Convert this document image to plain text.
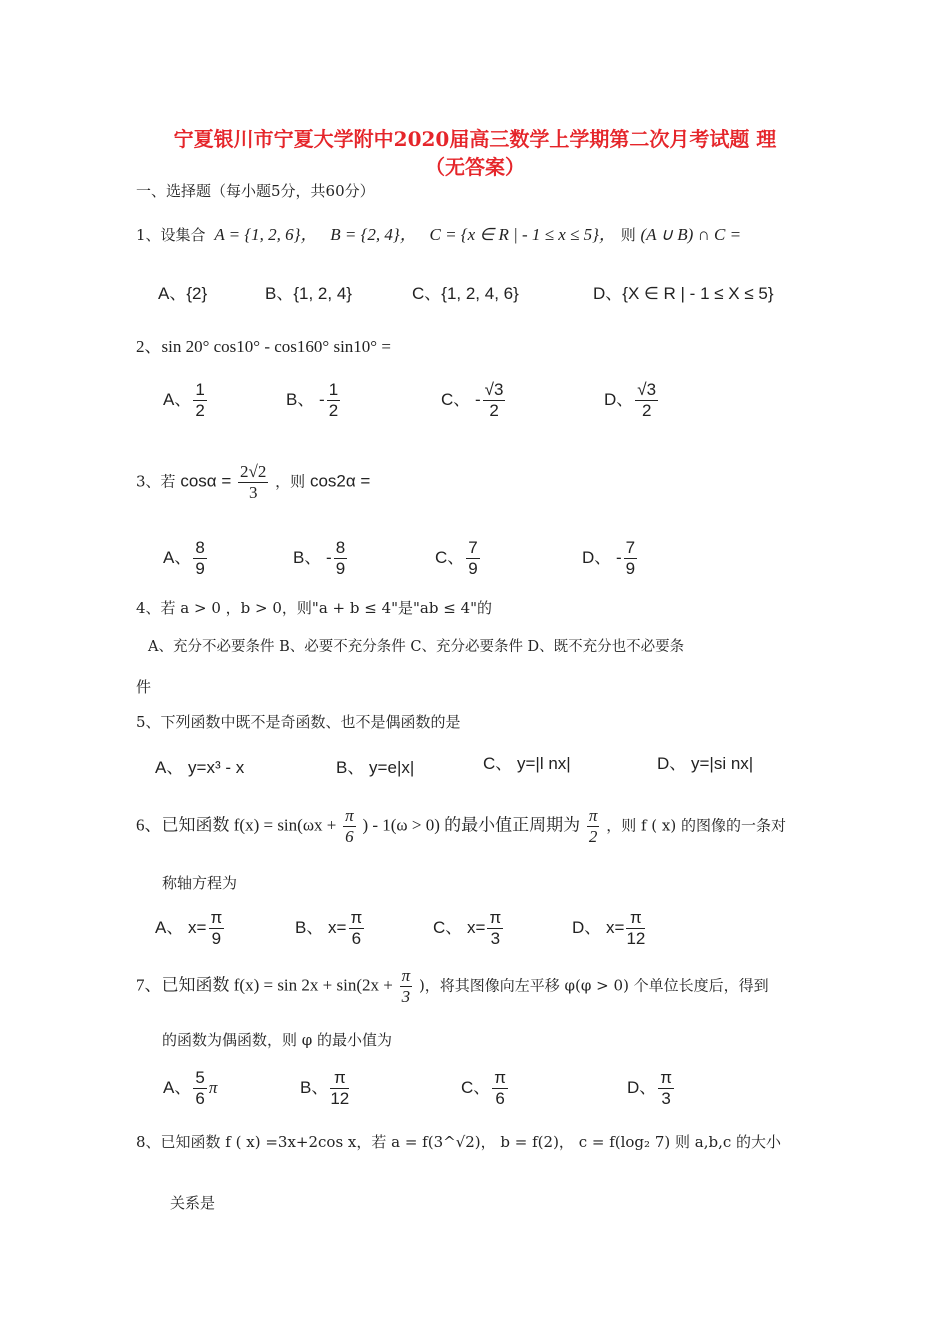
宁夏银川市宁夏大学附中2020届高三数学上学期第二次月考试题 理
（无答案）
一、选择题（每小题5分，共60分）
1、设集合 A = {1, 2, 6}， B = {2, 4}， C = {x ∈ R | - 1 ≤ x ≤ 5}， 则 (A ∪ B) ∩ C =
A、{2}	B、{1, 2, 4}	C、{1, 2, 4, 6}	D、{X ∈ R | - 1 ≤ X ≤ 5}
2、sin 20° cos10° - cos160° sin10° =
A、 $\frac{1}{2}$	B、 - $\frac{1}{2}$	C、 - $\frac{√3}{2}$	D、 $\frac{√3}{2}$
3、若 $\cos\alpha = \frac{2√2}{3}$ ，则 cos2α =
A、 $\frac{8}{9}$	B、 - $\frac{8}{9}$	C、 $\frac{7}{9}$	D、 - $\frac{7}{9}$
4、若 a > 0 ，b > 0，则"a + b ≤ 4"是"ab ≤ 4"的
A、充分不必要条件 B、必要不充分条件 C、充分必要条件 D、既不充分也不必要条
件
5、下列函数中既不是奇函数、也不是偶函数的是
A、 y=x³ - x	B、 y=e|x|	C、 y=|l nx|	D、 y=|si nx|
6、已知函数 $f(x) = \sin(\omega x + \frac{\pi}{6}$ ) - 1(ω > 0) 的最小值正周期为 $\frac{\pi}{2}$ ，则 f ( x) 的图像的一条对
称轴方程为
A、 $x= \frac{\pi}{9}$	B、 $x= \frac{\pi}{6}$	C、 $x= \frac{\pi}{3}$	D、 $x= \frac{\pi}{12}$
7、已知函数 $f(x) = \sin 2x + \sin(2x + \frac{\pi}{3}$ )，将其图像向左平移 φ(φ > 0) 个单位长度后，得到
的函数为偶函数，则 φ 的最小值为
A、 $\frac{5}{6}$ π	B、 $\frac{\pi}{12}$	C、 $\frac{\pi}{6}$	D、 $\frac{\pi}{3}$
8、已知函数 f ( x) =3x+2cos x，若 a = f(3^√2)， b = f(2)， c = f(log₂ 7) 则 a,b,c 的大小
关系是
